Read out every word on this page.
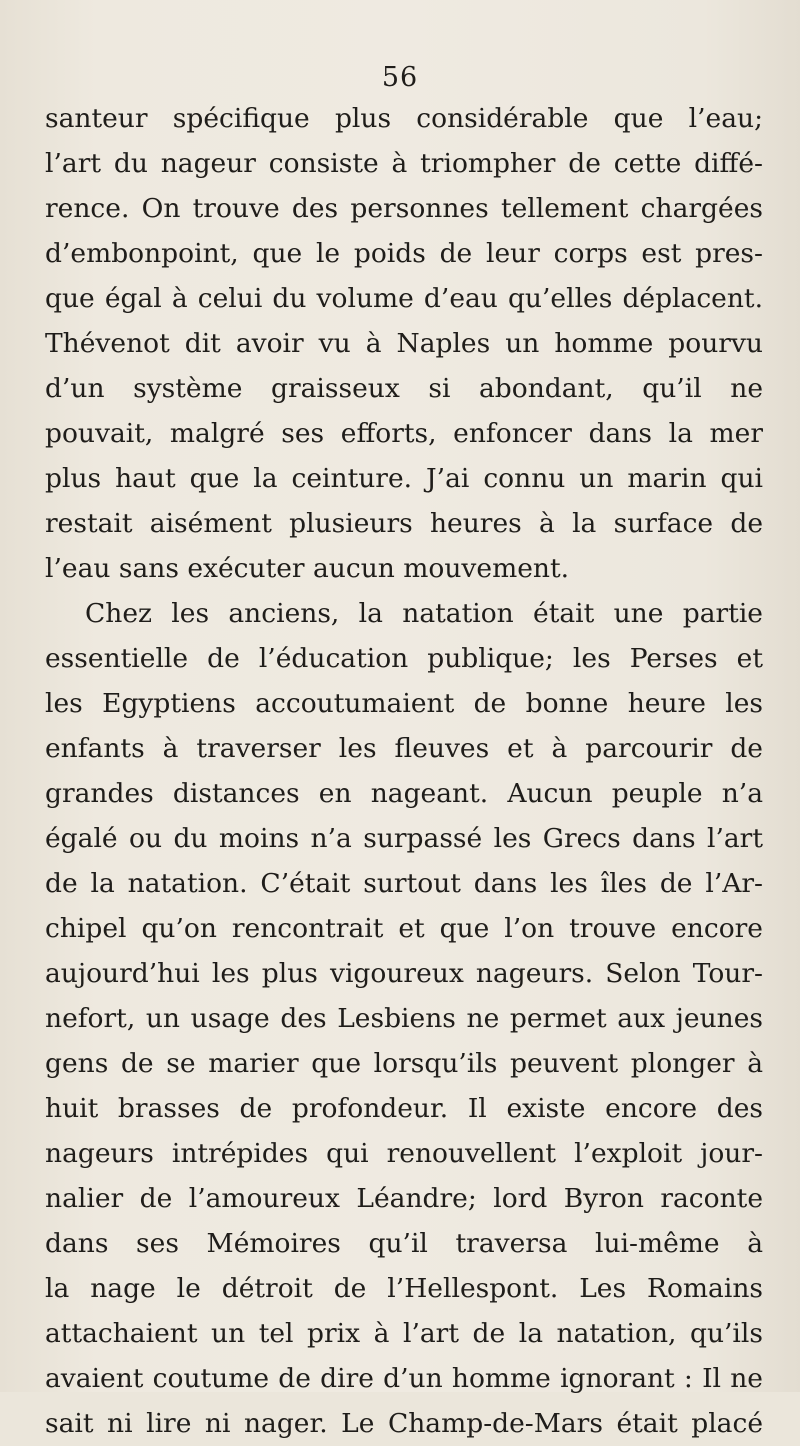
56
santeur spécifique plus considérable que l’eau;
l’art du nageur consiste à triompher de cette diffé-
rence. On trouve des personnes tellement chargées
d’embonpoint, que le poids de leur corps est pres-
que égal à celui du volume d’eau qu’elles déplacent.
Thévenot dit avoir vu à Naples un homme pourvu
d’un système graisseux si abondant, qu’il ne
pouvait, malgré ses efforts, enfoncer dans la mer
plus haut que la ceinture. J’ai connu un marin qui
restait aisément plusieurs heures à la surface de
l’eau sans exécuter aucun mouvement.
Chez les anciens, la natation était une partie
essentielle de l’éducation publique; les Perses et
les Egyptiens accoutumaient de bonne heure les
enfants à traverser les fleuves et à parcourir de
grandes distances en nageant. Aucun peuple n’a
égalé ou du moins n’a surpassé les Grecs dans l’art
de la natation. C’était surtout dans les îles de l’Ar-
chipel qu’on rencontrait et que l’on trouve encore
aujourd’hui les plus vigoureux nageurs. Selon Tour-
nefort, un usage des Lesbiens ne permet aux jeunes
gens de se marier que lorsqu’ils peuvent plonger à
huit brasses de profondeur. Il existe encore des
nageurs intrépides qui renouvellent l’exploit jour-
nalier de l’amoureux Léandre; lord Byron raconte
dans ses Mémoires qu’il traversa lui-même à
la nage le détroit de l’Hellespont. Les Romains
attachaient un tel prix à l’art de la natation, qu’ils
avaient coutume de dire d’un homme ignorant : Il ne
sait ni lire ni nager. Le Champ-de-Mars était placé
